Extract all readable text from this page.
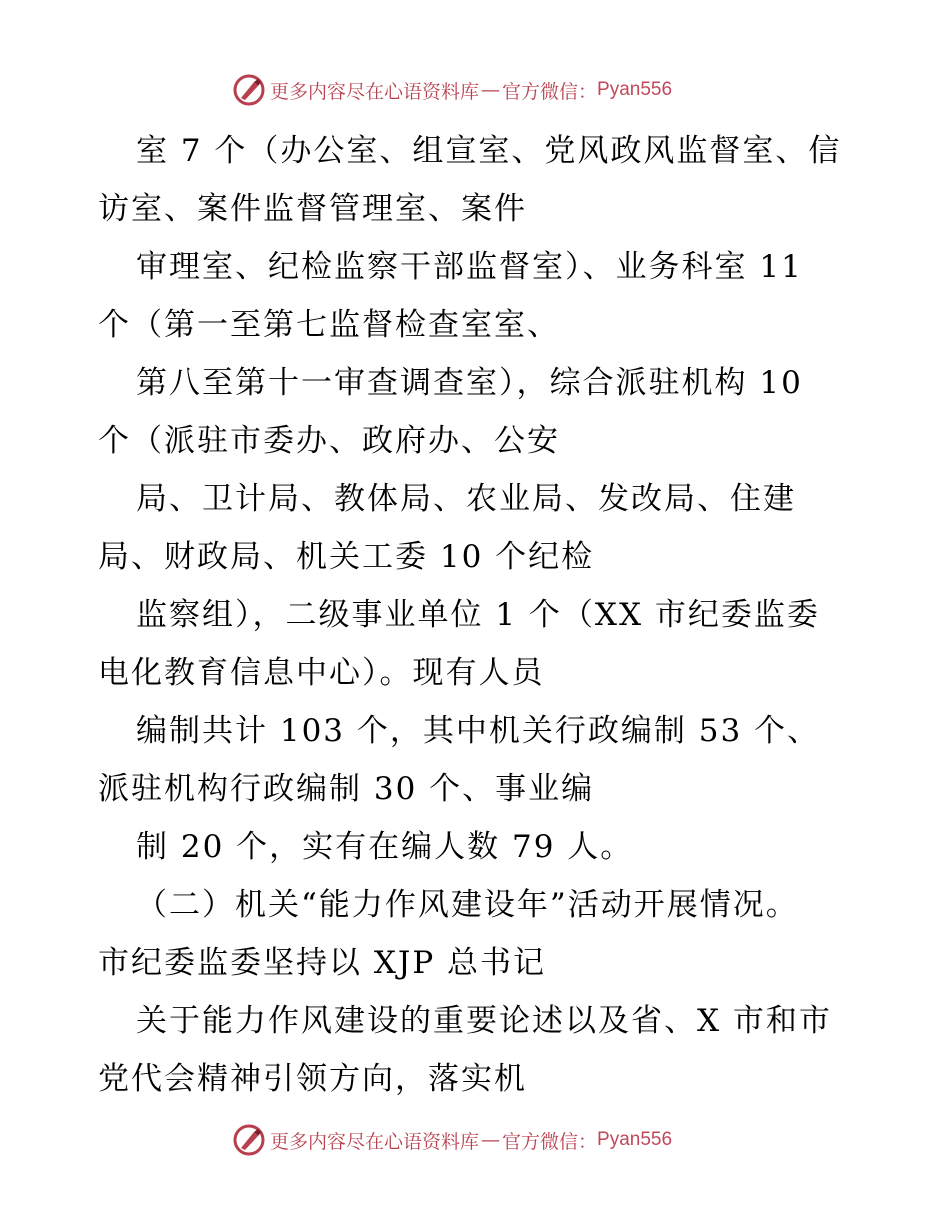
更多内容尽在心语资料库 — 官方微信： Pyan556
室 7 个（办公室、组宣室、党风政风监督室、信
访室、案件监督管理室、案件
审理室、纪检监察干部监督室）、业务科室 11
个（第一至第七监督检查室室、
第八至第十一审查调查室），综合派驻机构 10
个（派驻市委办、政府办、公安
局、卫计局、教体局、农业局、发改局、住建
局、财政局、机关工委 10 个纪检
监察组），二级事业单位 1 个（XX 市纪委监委
电化教育信息中心）。现有人员
编制共计 103 个，其中机关行政编制 53 个、
派驻机构行政编制 30 个、事业编
制 20 个，实有在编人数 79 人。
（二）机关“能力作风建设年”活动开展情况。
市纪委监委坚持以 XJP 总书记
关于能力作风建设的重要论述以及省、X 市和市
党代会精神引领方向，落实机
更多内容尽在心语资料库 — 官方微信： Pyan556
